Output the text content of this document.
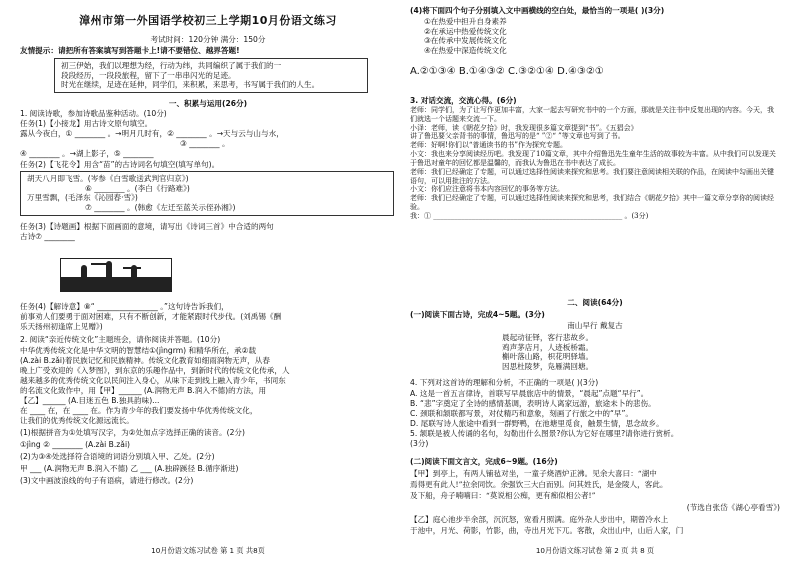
漳州市第一外国语学校初三上学期10月份语文练习
考试时间：120分钟 满分：150分
友情提示：请把所有答案填写到答题卡上!请不要错位、越界答题!
初三伊始，我们以理想为经，行动为纬，共同编织了属于我们的一
段段经历，一段段旅程，留下了一串串闪光的足迹。
时光在继续，足迹在延伸，同学们，来积累，来思考，书写属于我们的人生。
一、积累与运用(26分)
1. 阅读诗歌，参加诗歌品鉴种活动。(10分)
任务(1)【小接龙】用古诗文原句填空。
露从今夜白，① ________ 。→明月几时有，② ________ 。→天与云与山与水，
③ ________ 。
④ ________ 。→湖上影子，⑤ ________
任务(2)【飞花令】用含“苗”的古诗词名句填空(填写单句)。
胡天八月即飞雪。(岑参《白雪歌送武判官归京》)
⑥ ________ 。(李白《行路难》)
万里雪飘，(毛泽东《沁园春·雪》)
⑦ ________ 。(韩愈《左迁至蓝关示侄孙湘》)
任务(3)【诗题画】根据下面画面的意境，请写出《诗词三首》中合适的两句
古诗⑦ ________
任务(4)【解诗意】⑧“ ________________ 。”这句诗告诉我们，
前事劝人们要勇于面对困难，只有不断创新，才能紧跟时代步伐。(刘禹锡《酬
乐天扬州初逢席上见赠》)
2. 阅读“亲近传统文化”主题班会，请你阅读并答题。(10分)
中华优秀传统文化是中华文明的智慧结①(jìngrm) 和精华所在，承②载
(A.zài B.zǎi)着民族记忆和民族精神。传统文化教育如细雨润物无声，从春
晚上广受欢迎的《入梦图》，到东京的乐趣作品中，到新时代的传统文化传承，人
越来越多的优秀传统文化以民间注入身心，从味下走到线上融入青少年，书同东
的名流文化致作中，用【甲】______ (A.润物无声 B.润入不德)的方法，用
【乙】______ (A.目迷五色 B.独具韵味)...
在 ____ 在，在 ____ 在。作为青少年的我们要发扬中华优秀传统文化，
让我们的优秀传统文化源远流长。
(1)根据拼音为①处填写汉字，为②处加点字选择正确的读音。(2分)
①jìng ② ________ (A.zài B.zǎi)
(2)为③④处选择符合语境的词语分别填入甲、乙处。(2分)
甲 ___ (A.润物无声 B.润入不德) 乙 ___ (A.独辟蹊径 B.循序渐进)
(3)文中画波浪线的句子有语病，请进行修改。(2分)
10月份语文练习试卷 第 1 页 共8页
(4)将下面四个句子分别填入文中画横线的空白处，最恰当的一项是( )(3分)
①在热爱中担升自身素养
②在承运中热爱传统文化
③在传承中发展传统文化
④在热爱中深造传统文化
A.②①③④ B.①④③② C.③②①④ D.④③②①
3. 对话交流，交流心得。(6分)
老师：同学们，为了让写作更加丰富，大家一起去写研究书中的一个方面，那就是关注书中反复出现的内容。今天，我们就选一个话题来交流一下。
小泽：老师，读《朝花夕拾》时，我发现很多篇文章提到“书”。《五猖会》
讲了鲁迅要父亲背书的事情，鲁迅写的是“ ”②“ ”等文章也写到了书。
老师：好啊!你们以“普通读书的书”作为探究专题。
小文：我也来分享阅读经历吧。我发现了10篇文章，其中介绍鲁迅先生童年生活的故事较为丰富。从中我们可以发现关于鲁迅对童年的回忆都是温馨的，而我认为鲁迅在书中表达了成长。
老师：我们已经确定了专题，可以通过选择性阅读来探究和思考。我们要注意阅读相关联的作品，在阅读中勾画出关键语句，可以用批注的方法。
小文：你们应注意将书本内容回忆的事务等方法。
老师：我们已经确定了专题，可以通过选择性阅读来探究和思考，我们结合《朝花夕拾》其中一篇文章分享你的阅读经验。
我：① ______________________________________________________ 。(3分)
二、阅读(64分)
(一)阅读下面古诗，完成4~5题。(3分)
南山早行 戴复古
晨起动征铎，客行悲故乡。
鸡声茅店月，人迹板桥霜。
槲叶落山路，枳花明驿墙。
因思杜陵梦，凫雁满回塘。
4. 下列对这首诗的理解和分析，不正确的一项是( )(3分)
A. 这是一首五言律诗，首联写早晨旅店中的情景，“晨起”点题“早行”。
B. “悲”字奠定了全诗的感情基调，表明诗人离家远游，旅途未卜的悲伤。
C. 颈联和颔联都写景，对仗精巧和意象，刻画了行旅之中的“早”。
D. 尾联写诗人旅途中看到一群野鸭，在池塘里觅食，触景生情，思念故乡。
5. 颔联是被人传诵的名句，勾勒出什么图景?你认为它好在哪里?请你进行赏析。
(3分)
(二)阅读下面文言文，完成6~9题。(16分)
【甲】到亭上，有两人铺毡对坐，一童子烧酒炉正沸。见余大喜曰：“湖中
焉得更有此人!”拉余同饮。余强饮三大白而别。问其姓氏，是金陵人，客此。
及下船，舟子喃喃曰：“莫说相公痴，更有痴似相公者!”
(节选自张岱《湖心亭看雪》)
【乙】庭心池步半余部，沉沉怒，宽看月照满。庭外杂人步出中，期曾冷水上
于池中，月光、荷影，竹影，曲，寺出月光下兀。客散，众出山中，山后人家，门
10月份语文练习试卷 第 2 页 共 8 页
